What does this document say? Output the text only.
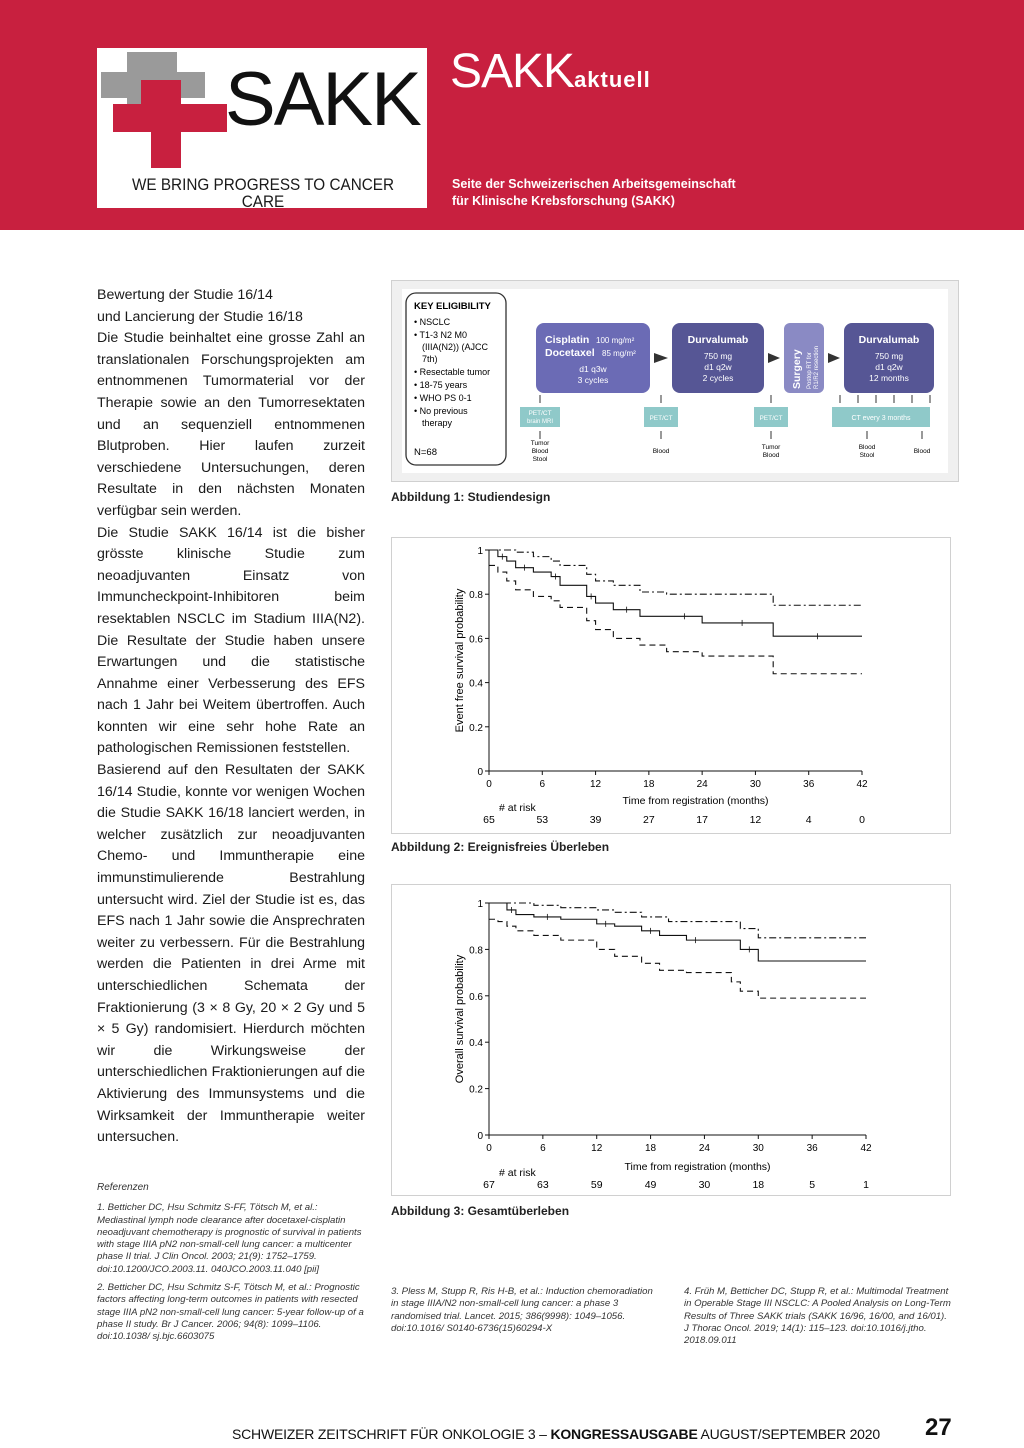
SAKK
WE BRING PROGRESS TO CANCER CARE
SAKKaktuell
Seite der Schweizerischen Arbeitsgemeinschaft
für Klinische Krebsforschung (SAKK)

Bewertung der Studie 16/14

und Lancierung der Studie 16/18

Die Studie beinhaltet eine grosse Zahl an translationalen Forschungsprojekten am entnommenen Tumormaterial vor der Therapie sowie an den Tumorresektaten und an sequenziell entnommenen Blutproben. Hier laufen zurzeit verschiedene Untersuchungen, deren Resultate in den nächsten Monaten verfügbar sein werden.

Die Studie SAKK 16/14 ist die bisher grösste klinische Studie zum neoadjuvanten Einsatz von Immuncheckpoint-Inhibitoren beim resektablen NSCLC im Stadium IIIA(N2). Die Resultate der Studie haben unsere Erwartungen und die statistische Annahme einer Verbesserung des EFS nach 1 Jahr bei Weitem übertroffen. Auch konnten wir eine sehr hohe Rate an pathologischen Remissionen feststellen.

Basierend auf den Resultaten der SAKK 16/14 Studie, konnte vor wenigen Wochen die Studie SAKK 16/18 lanciert werden, in welcher zusätzlich zur neoadjuvanten Chemo- und Immuntherapie eine immunstimulierende Bestrahlung untersucht wird. Ziel der Studie ist es, das EFS nach 1 Jahr sowie die Ansprechraten weiter zu verbessern. Für die Bestrahlung werden die Patienten in drei Arme mit unterschiedlichen Schemata der Fraktionierung (3 × 8 Gy, 20 × 2 Gy und 5 × 5 Gy) randomisiert. Hierdurch möchten wir die Wirkungsweise der unterschiedlichen Fraktionierungen auf die Aktivierung des Immunsystems und die Wirksamkeit der Immuntherapie weiter untersuchen.

Referenzen

1. Betticher DC, Hsu Schmitz S-FF, Tötsch M, et al.: Mediastinal lymph node clearance after docetaxel-cisplatin neoadjuvant chemotherapy is prognostic of survival in patients with stage IIIA pN2 non-small-cell lung cancer: a multicenter phase II trial. J Clin Oncol. 2003; 21(9): 1752–1759. doi:10.1200/JCO.2003.11. 040JCO.2003.11.040 [pii]

2. Betticher DC, Hsu Schmitz S-F, Tötsch M, et al.: Prognostic factors affecting long-term outcomes in patients with resected stage IIIA pN2 non-small-cell lung cancer: 5-year follow-up of a phase II study. Br J Cancer. 2006; 94(8): 1099–1106. doi:10.1038/ sj.bjc.6603075

3. Pless M, Stupp R, Ris H-B, et al.: Induction chemoradiation in stage IIIA/N2 non-small-cell lung cancer: a phase 3 randomised trial. Lancet. 2015; 386(9998): 1049–1056. doi:10.1016/ S0140-6736(15)60294-X

4. Früh M, Betticher DC, Stupp R, et al.: Multimodal Treatment in Operable Stage III NSCLC: A Pooled Analysis on Long-Term Results of Three SAKK trials (SAKK 16/96, 16/00, and 16/01). J Thorac Oncol. 2019; 14(1): 115–123. doi:10.1016/j.jtho. 2018.09.011

KEY ELIGIBILITY
• NSCLC
• T1-3 N2 M0
(IIIA(N2)) (AJCC
7th)
• Resectable tumor
• 18-75 years
• WHO PS 0-1
• No previous
therapy
N=68
Cisplatin 100 mg/m²
Docetaxel 85 mg/m²
d1 q3w
3 cycles
Durvalumab
750 mg
d1 q2w
2 cycles	Surgery Postop RT for R1/R2 resection
Durvalumab
750 mg
d1 q2w
12 months
PET/CT
brain MRI	PET/CT	PET/CT	CT every 3 months
Tumor
Blood
Stool
Blood
Tumor
Blood
Blood
Stool
Blood
Abbildung 1: Studiendesign
0
0.2
0.4
0.6
0.8
1
0	6	12	18	24	30	36	42
Time from registration (months)
Event free survival probability
# at risk
65	53	39	27	17	12	4	0
Abbildung 2: Ereignisfreies Überleben
0
0.2
0.4
0.6
0.8
1
0	6	12	18	24	30	36	42
Time from registration (months)
Overall survival probability
# at risk
67	63	59	49	30	18	5	1
Abbildung 3: Gesamtüberleben
SCHWEIZER ZEITSCHRIFT FÜR ONKOLOGIE 3 – KONGRESSAUSGABE AUGUST/SEPTEMBER 2020 27
